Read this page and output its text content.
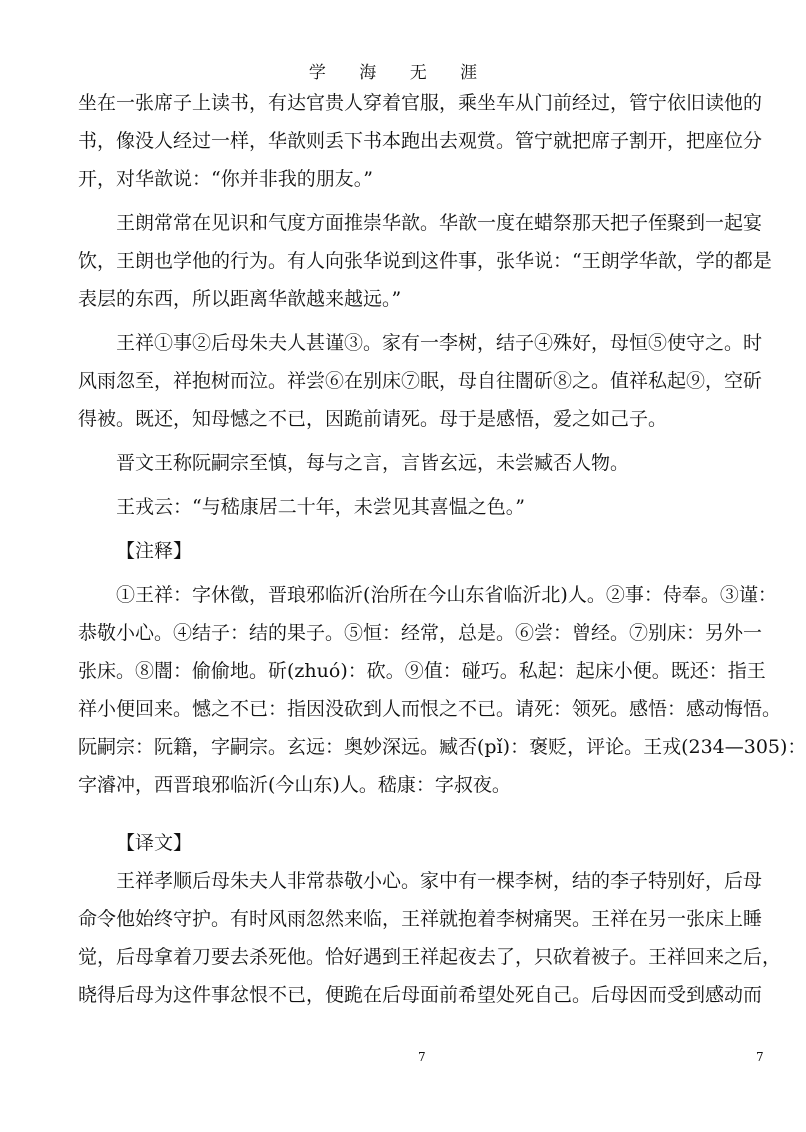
学 海 无 涯
坐在一张席子上读书，有达官贵人穿着官服，乘坐车从门前经过，管宁依旧读他的
书，像没人经过一样，华歆则丢下书本跑出去观赏。管宁就把席子割开，把座位分
开，对华歆说：“你并非我的朋友。”
王朗常常在见识和气度方面推崇华歆。华歆一度在蜡祭那天把子侄聚到一起宴
饮，王朗也学他的行为。有人向张华说到这件事，张华说：“王朗学华歆，学的都是
表层的东西，所以距离华歆越来越远。”
王祥①事②后母朱夫人甚谨③。家有一李树，结子④殊好，母恒⑤使守之。时
风雨忽至，祥抱树而泣。祥尝⑥在别床⑦眠，母自往闇斫⑧之。值祥私起⑨，空斫
得被。既还，知母憾之不已，因跪前请死。母于是感悟，爱之如己子。
晋文王称阮嗣宗至慎，每与之言，言皆玄远，未尝臧否人物。
王戎云：“与嵇康居二十年，未尝见其喜愠之色。”
【注释】
①王祥：字休徵，晋琅邪临沂(治所在今山东省临沂北)人。②事：侍奉。③谨：
恭敬小心。④结子：结的果子。⑤恒：经常，总是。⑥尝：曾经。⑦别床：另外一
张床。⑧闇：偷偷地。斫(zhuó)：砍。⑨值：碰巧。私起：起床小便。既还：指王
祥小便回来。憾之不已：指因没砍到人而恨之不已。请死：领死。感悟：感动悔悟。
阮嗣宗：阮籍，字嗣宗。玄远：奥妙深远。臧否(pǐ)：褒贬，评论。王戎(234—305)：
字濬冲，西晋琅邪临沂(今山东)人。嵇康：字叔夜。
【译文】
王祥孝顺后母朱夫人非常恭敬小心。家中有一棵李树，结的李子特别好，后母
命令他始终守护。有时风雨忽然来临，王祥就抱着李树痛哭。王祥在另一张床上睡
觉，后母拿着刀要去杀死他。恰好遇到王祥起夜去了，只砍着被子。王祥回来之后，
晓得后母为这件事忿恨不已，便跪在后母面前希望处死自己。后母因而受到感动而
7	7
